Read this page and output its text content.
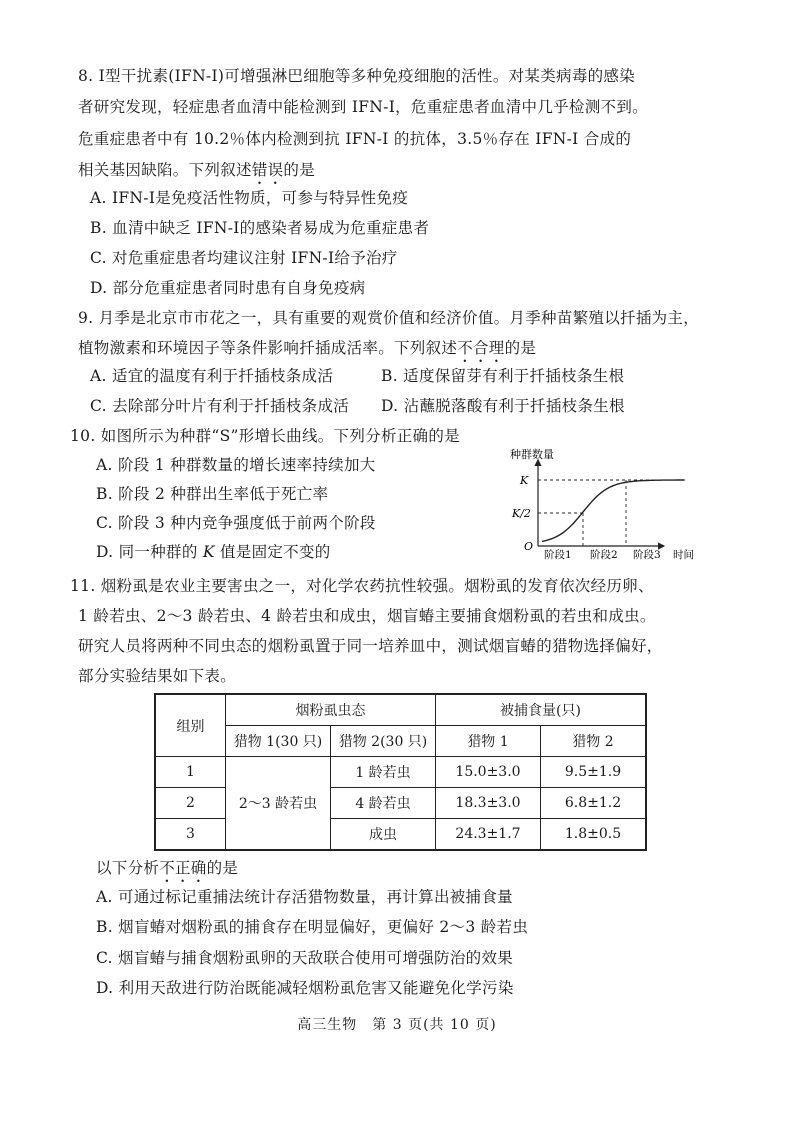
8. Ⅰ型干扰素(IFN-Ⅰ)可增强淋巴细胞等多种免疫细胞的活性。对某类病毒的感染
者研究发现，轻症患者血清中能检测到 IFN-Ⅰ，危重症患者血清中几乎检测不到。
危重症患者中有 10.2％体内检测到抗 IFN-Ⅰ 的抗体，3.5％存在 IFN-Ⅰ 合成的
相关基因缺陷。下列叙述错误的是
A. IFN-Ⅰ是免疫活性物质，可参与特异性免疫
B. 血清中缺乏 IFN-Ⅰ的感染者易成为危重症患者
C. 对危重症患者均建议注射 IFN-Ⅰ给予治疗
D. 部分危重症患者同时患有自身免疫病
9. 月季是北京市市花之一，具有重要的观赏价值和经济价值。月季种苗繁殖以扦插为主，
植物激素和环境因子等条件影响扦插成活率。下列叙述不合理的是
A. 适宜的温度有利于扦插枝条成活	B. 适度保留芽有利于扦插枝条生根
C. 去除部分叶片有利于扦插枝条成活 D. 沾蘸脱落酸有利于扦插枝条生根
10. 如图所示为种群“S”形增长曲线。下列分析正确的是
A. 阶段 1 种群数量的增长速率持续加大
B. 阶段 2 种群出生率低于死亡率
C. 阶段 3 种内竞争强度低于前两个阶段
D. 同一种群的 K 值是固定不变的
种群数量
K
K/2
O
阶段1 阶段2 阶段3 时间
11. 烟粉虱是农业主要害虫之一，对化学农药抗性较强。烟粉虱的发育依次经历卵、
1 龄若虫、2～3 龄若虫、4 龄若虫和成虫，烟盲蝽主要捕食烟粉虱的若虫和成虫。
研究人员将两种不同虫态的烟粉虱置于同一培养皿中，测试烟盲蝽的猎物选择偏好，
部分实验结果如下表。
组别	烟粉虱虫态		被捕食量(只)	
	猎物 1(30 只)	猎物 2(30 只)	猎物 1	猎物 2
1	2～3 龄若虫	1 龄若虫	15.0±3.0	9.5±1.9
2		4 龄若虫	18.3±3.0	6.8±1.2
3		成虫	24.3±1.7	1.8±0.5
以下分析不正确的是
A. 可通过标记重捕法统计存活猎物数量，再计算出被捕食量
B. 烟盲蝽对烟粉虱的捕食存在明显偏好，更偏好 2～3 龄若虫
C. 烟盲蝽与捕食烟粉虱卵的天敌联合使用可增强防治的效果
D. 利用天敌进行防治既能减轻烟粉虱危害又能避免化学污染
高三生物　第 3 页(共 10 页)
